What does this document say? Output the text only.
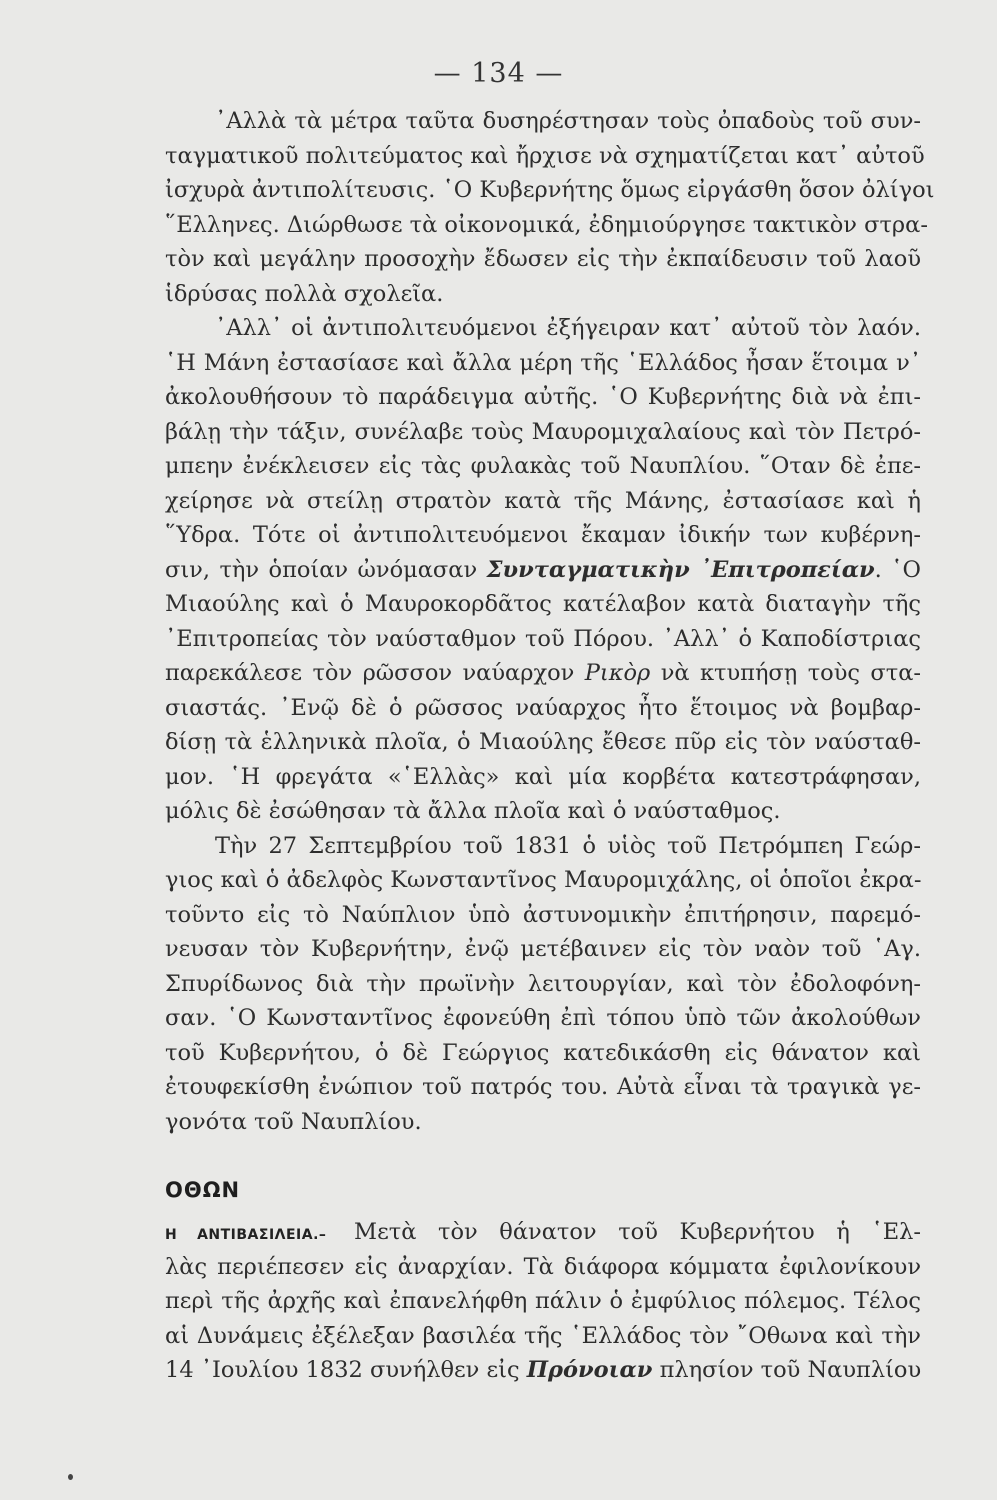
— 134 —
᾿Αλλὰ τὰ μέτρα ταῦτα δυσηρέστησαν τοὺς ὀπαδοὺς τοῦ συν-
ταγματικοῦ πολιτεύματος καὶ ἤρχισε νὰ σχηματίζεται κατ᾿ αὐτοῦ
ἰσχυρὰ ἀντιπολίτευσις. ῾Ο Κυβερνήτης ὅμως εἰργάσθη ὅσον ὀλίγοι
῞Ελληνες. Διώρθωσε τὰ οἰκονομικά, ἐδημιούργησε τακτικὸν στρα-
τὸν καὶ μεγάλην προσοχὴν ἔδωσεν εἰς τὴν ἐκπαίδευσιν τοῦ λαοῦ
ἱδρύσας πολλὰ σχολεῖα.
᾿Αλλ᾿ οἱ ἀντιπολιτευόμενοι ἐξήγειραν κατ᾿ αὐτοῦ τὸν λαόν.
῾Η Μάνη ἐστασίασε καὶ ἄλλα μέρη τῆς ῾Ελλάδος ἦσαν ἕτοιμα ν᾿
ἀκολουθήσουν τὸ παράδειγμα αὐτῆς. ῾Ο Κυβερνήτης διὰ νὰ ἐπι-
βάλῃ τὴν τάξιν, συνέλαβε τοὺς Μαυρομιχαλαίους καὶ τὸν Πετρό-
μπεην ἐνέκλεισεν εἰς τὰς φυλακὰς τοῦ Ναυπλίου. ῞Οταν δὲ ἐπε-
χείρησε νὰ στείλῃ στρατὸν κατὰ τῆς Μάνης, ἐστασίασε καὶ ἡ
῞Υδρα. Τότε οἱ ἀντιπολιτευόμενοι ἔκαμαν ἰδικήν των κυβέρνη-
σιν, τὴν ὁποίαν ὠνόμασαν Συνταγματικὴν ᾿Επιτροπείαν. ῾Ο
Μιαούλης καὶ ὁ Μαυροκορδᾶτος κατέλαβον κατὰ διαταγὴν τῆς
᾿Επιτροπείας τὸν ναύσταθμον τοῦ Πόρου. ᾿Αλλ᾿ ὁ Καποδίστριας
παρεκάλεσε τὸν ρῶσσον ναύαρχον Ρικὸρ νὰ κτυπήσῃ τοὺς στα-
σιαστάς. ᾿Ενῷ δὲ ὁ ρῶσσος ναύαρχος ἦτο ἕτοιμος νὰ βομβαρ-
δίσῃ τὰ ἑλληνικὰ πλοῖα, ὁ Μιαούλης ἔθεσε πῦρ εἰς τὸν ναύσταθ-
μον. ῾Η φρεγάτα «῾Ελλὰς» καὶ μία κορβέτα κατεστράφησαν,
μόλις δὲ ἐσώθησαν τὰ ἄλλα πλοῖα καὶ ὁ ναύσταθμος.
Τὴν 27 Σεπτεμβρίου τοῦ 1831 ὁ υἱὸς τοῦ Πετρόμπεη Γεώρ-
γιος καὶ ὁ ἀδελφὸς Κωνσταντῖνος Μαυρομιχάλης, οἱ ὁποῖοι ἐκρα-
τοῦντο εἰς τὸ Ναύπλιον ὑπὸ ἀστυνομικὴν ἐπιτήρησιν, παρεμό-
νευσαν τὸν Κυβερνήτην, ἐνῷ μετέβαινεν εἰς τὸν ναὸν τοῦ ῾Αγ.
Σπυρίδωνος διὰ τὴν πρωϊνὴν λειτουργίαν, καὶ τὸν ἐδολοφόνη-
σαν. ῾Ο Κωνσταντῖνος ἐφονεύθη ἐπὶ τόπου ὑπὸ τῶν ἀκολούθων
τοῦ Κυβερνήτου, ὁ δὲ Γεώργιος κατεδικάσθη εἰς θάνατον καὶ
ἐτουφεκίσθη ἐνώπιον τοῦ πατρός του. Αὐτὰ εἶναι τὰ τραγικὰ γε-
γονότα τοῦ Ναυπλίου.
ΟΘΩΝ
Η ΑΝΤΙΒΑΣΙΛΕΙΑ.– Μετὰ τὸν θάνατον τοῦ Κυβερνήτου ἡ ῾Ελ-
λὰς περιέπεσεν εἰς ἀναρχίαν. Τὰ διάφορα κόμματα ἐφιλονίκουν
περὶ τῆς ἀρχῆς καὶ ἐπανελήφθη πάλιν ὁ ἐμφύλιος πόλεμος. Τέλος
αἱ Δυνάμεις ἐξέλεξαν βασιλέα τῆς ῾Ελλάδος τὸν ῎Οθωνα καὶ τὴν
14 ᾿Ιουλίου 1832 συνήλθεν εἰς Πρόνοιαν πλησίον τοῦ Ναυπλίου
